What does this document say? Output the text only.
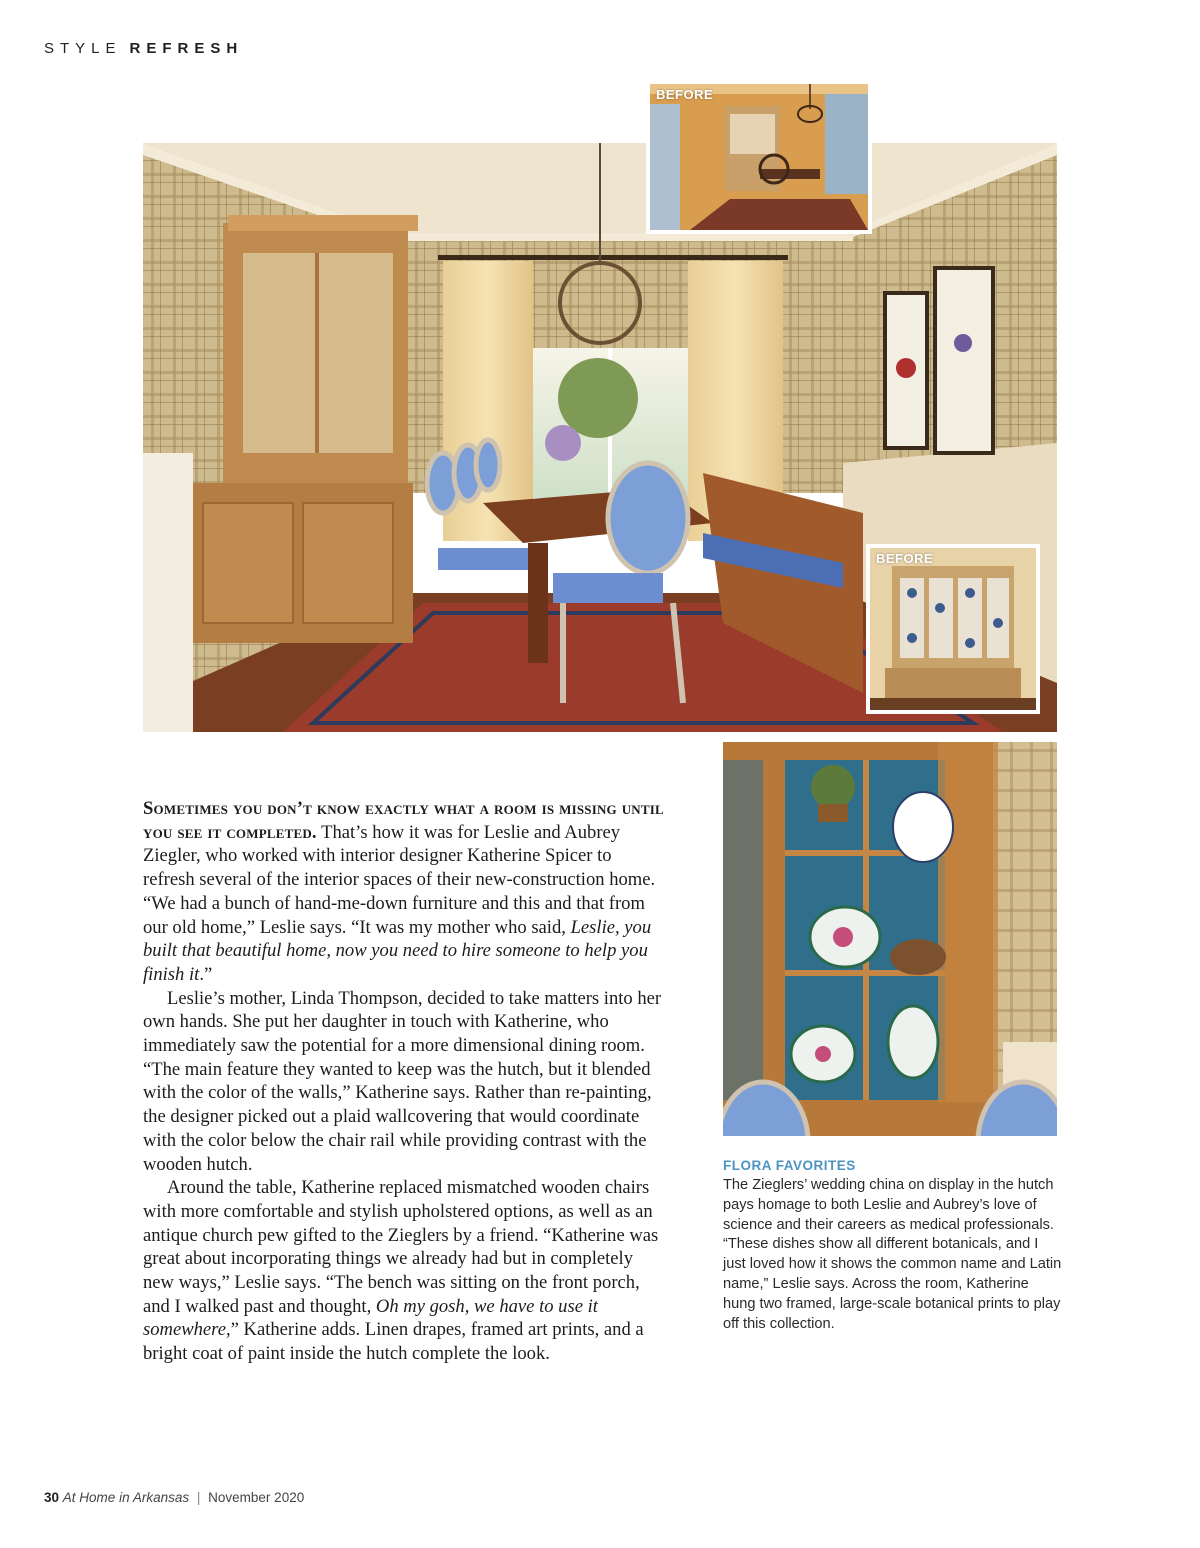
STYLE REFRESH
BEFORE
BEFORE

Sometimes you don’t know exactly what a room is missing until you see it completed. That’s how it was for Leslie and Aubrey Ziegler, who worked with interior designer Katherine Spicer to refresh several of the interior spaces of their new-construction home. “We had a bunch of hand-me-down furniture and this and that from our old home,” Leslie says. “It was my mother who said, Leslie, you built that beautiful home, now you need to hire someone to help you finish it.”

Leslie’s mother, Linda Thompson, decided to take matters into her own hands. She put her daughter in touch with Katherine, who immediately saw the potential for a more dimensional dining room. “The main feature they wanted to keep was the hutch, but it blended with the color of the walls,” Katherine says. Rather than re-painting, the designer picked out a plaid wallcovering that would coordinate with the color below the chair rail while providing contrast with the wooden hutch.

Around the table, Katherine replaced mismatched wooden chairs with more comfortable and stylish upholstered options, as well as an antique church pew gifted to the Zieglers by a friend. “Katherine was great about incorporating things we already had but in completely new ways,” Leslie says. “The bench was sitting on the front porch, and I walked past and thought, Oh my gosh, we have to use it somewhere,” Katherine adds. Linen drapes, framed art prints, and a bright coat of paint inside the hutch complete the look.

FLORA FAVORITES
The Zieglers’ wedding china on display in the hutch pays homage to both Leslie and Aubrey’s love of science and their careers as medical professionals. “These dishes show all different botanicals, and I just loved how it shows the common name and Latin name,” Leslie says. Across the room, Katherine hung two framed, large-scale botanical prints to play off this collection.
30 At Home in Arkansas | November 2020
